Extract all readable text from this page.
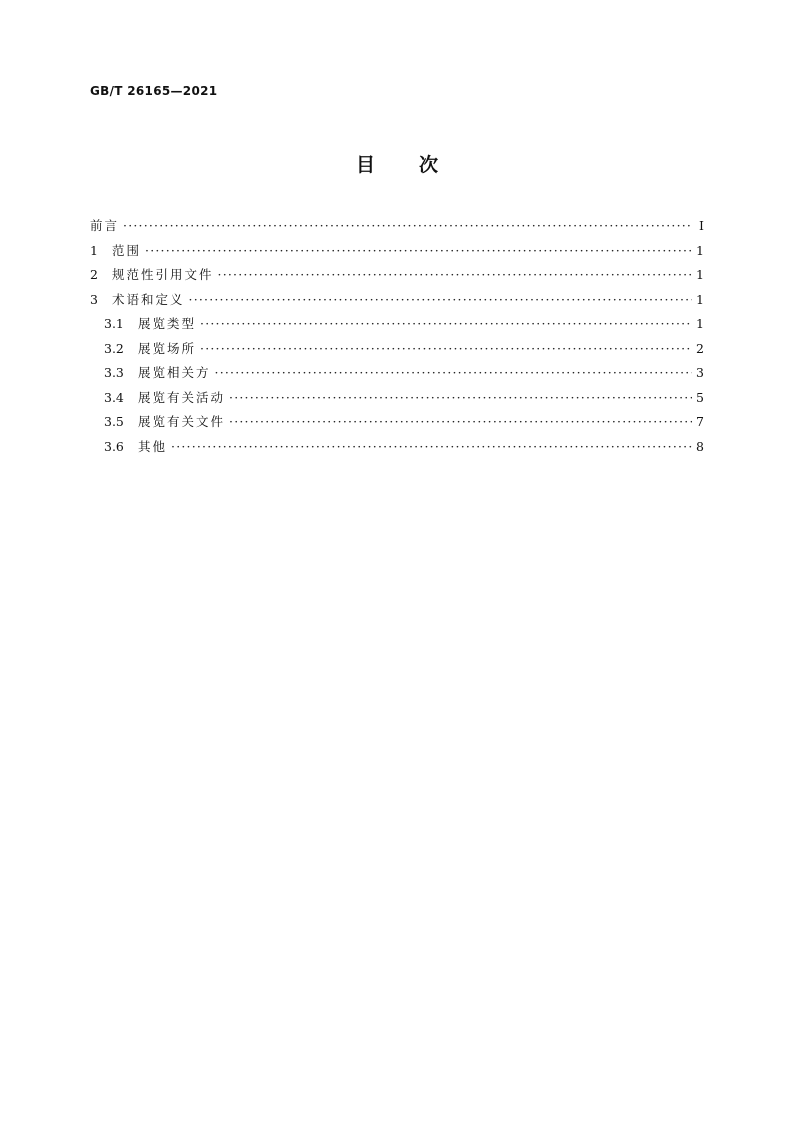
GB/T 26165—2021
目 次
前言 ·····	I
1	范围 ·····	1
2	规范性引用文件 ·····	1
3	术语和定义 ·····	1
3.1	展览类型 ·····	1
3.2	展览场所 ·····	2
3.3	展览相关方 ·····	3
3.4	展览有关活动 ·····	5
3.5	展览有关文件 ·····	7
3.6	其他 ·····	8
